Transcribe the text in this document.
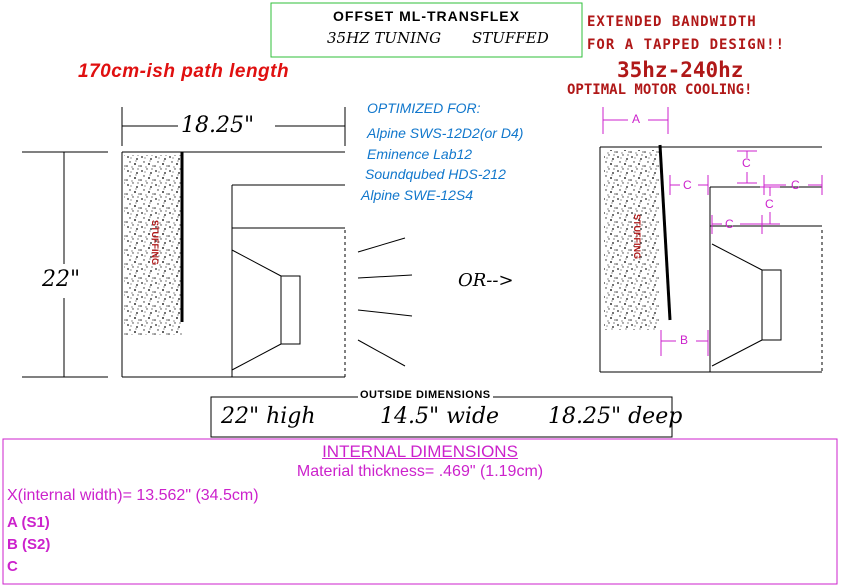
OFFSET ML-TRANSFLEX
35HZ TUNING STUFFED
170cm-ish path length
EXTENDED BANDWIDTH
FOR A TAPPED DESIGN!!
35hz-240hz
OPTIMAL MOTOR COOLING!
OPTIMIZED FOR:
Alpine SWS-12D2(or D4)
Eminence Lab12
Soundqubed HDS-212
Alpine SWE-12S4
18.25"
22"
STUFFING
OR-->
A
B
C
C	C
C
C
STUFFING
OUTSIDE DIMENSIONS
22" high	14.5" wide 18.25" deep
INTERNAL DIMENSIONS
Material thickness= .469" (1.19cm)
X(internal width)= 13.562" (34.5cm)
A (S1)
B (S2)
C
